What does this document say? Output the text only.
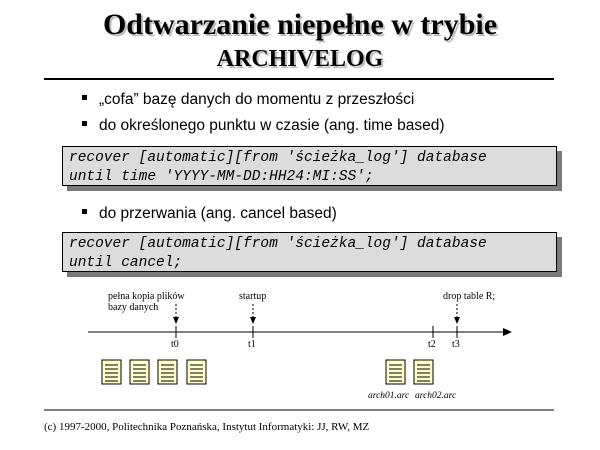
Odtwarzanie niepełne w trybie
ARCHIVELOG
„cofa” bazę danych do momentu z przeszłości
do określonego punktu w czasie (ang. time based)
recover [automatic][from 'ścieżka_log'] database
until time 'YYYY-MM-DD:HH24:MI:SS';
do przerwania (ang. cancel based)
recover [automatic][from 'ścieżka_log'] database
until cancel;
pełna kopia plików
bazy danych
startup	drop table R;
t0	t1	t2 t3
arch01.arc arch02.arc
(c) 1997-2000, Politechnika Poznańska, Instytut Informatyki: JJ, RW, MZ
